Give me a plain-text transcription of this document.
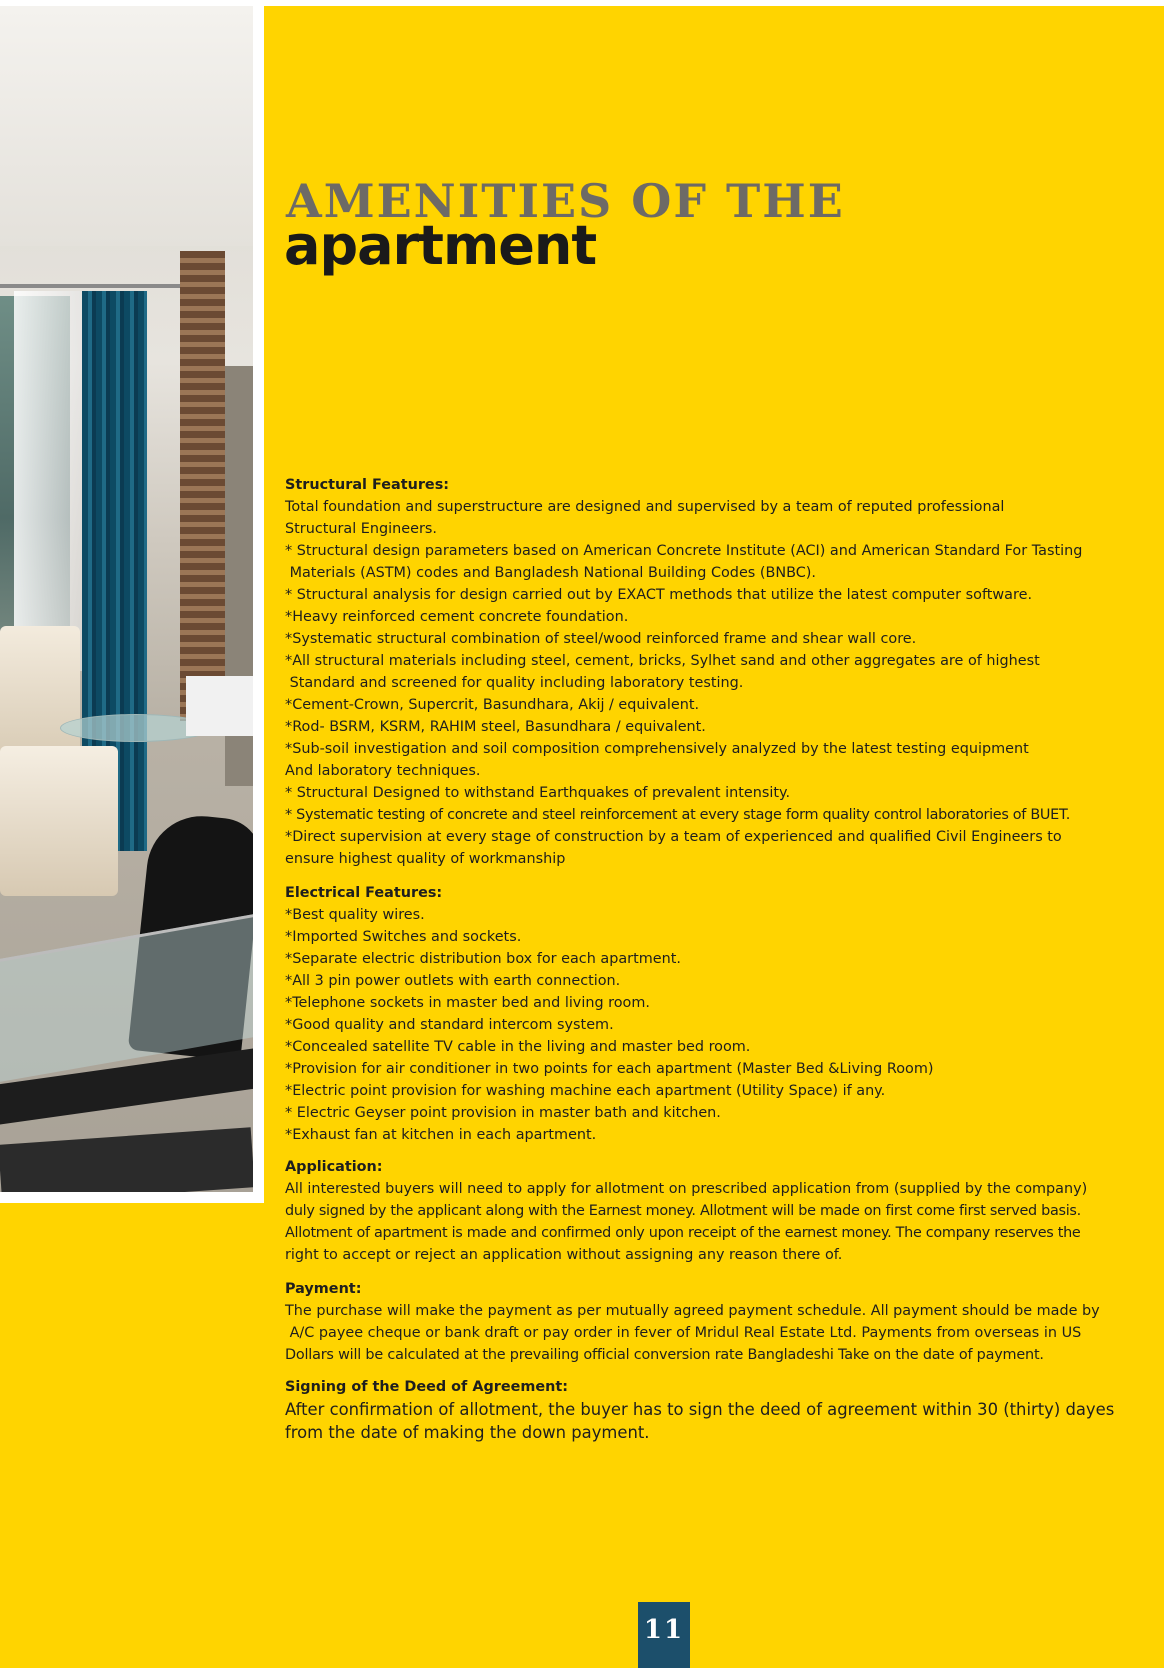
AMENITIES OF THE
apartment
Structural Features:
Total foundation and superstructure are designed and supervised by a team of reputed professional
Structural Engineers.
* Structural design parameters based on American Concrete Institute (ACI) and American Standard For Tasting
Materials (ASTM) codes and Bangladesh National Building Codes (BNBC).
* Structural analysis for design carried out by EXACT methods that utilize the latest computer software.
*Heavy reinforced cement concrete foundation.
*Systematic structural combination of steel/wood reinforced frame and shear wall core.
*All structural materials including steel, cement, bricks, Sylhet sand and other aggregates are of highest
Standard and screened for quality including laboratory testing.
*Cement-Crown, Supercrit, Basundhara, Akij / equivalent.
*Rod- BSRM, KSRM, RAHIM steel, Basundhara / equivalent.
*Sub-soil investigation and soil composition comprehensively analyzed by the latest testing equipment
And laboratory techniques.
* Structural Designed to withstand Earthquakes of prevalent intensity.
* Systematic testing of concrete and steel reinforcement at every stage form quality control laboratories of BUET.
*Direct supervision at every stage of construction by a team of experienced and qualified Civil Engineers to
ensure highest quality of workmanship
Electrical Features:
*Best quality wires.
*Imported Switches and sockets.
*Separate electric distribution box for each apartment.
*All 3 pin power outlets with earth connection.
*Telephone sockets in master bed and living room.
*Good quality and standard intercom system.
*Concealed satellite TV cable in the living and master bed room.
*Provision for air conditioner in two points for each apartment (Master Bed &Living Room)
*Electric point provision for washing machine each apartment (Utility Space) if any.
* Electric Geyser point provision in master bath and kitchen.
*Exhaust fan at kitchen in each apartment.
Application:
All interested buyers will need to apply for allotment on prescribed application from (supplied by the company)
duly signed by the applicant along with the Earnest money. Allotment will be made on first come first served basis.
Allotment of apartment is made and confirmed only upon receipt of the earnest money. The company reserves the
right to accept or reject an application without assigning any reason there of.
Payment:
The purchase will make the payment as per mutually agreed payment schedule. All payment should be made by
A/C payee cheque or bank draft or pay order in fever of Mridul Real Estate Ltd. Payments from overseas in US
Dollars will be calculated at the prevailing official conversion rate Bangladeshi Take on the date of payment.
Signing of the Deed of Agreement:
After confirmation of allotment, the buyer has to sign the deed of agreement within 30 (thirty) dayes
from the date of making the down payment.
11
